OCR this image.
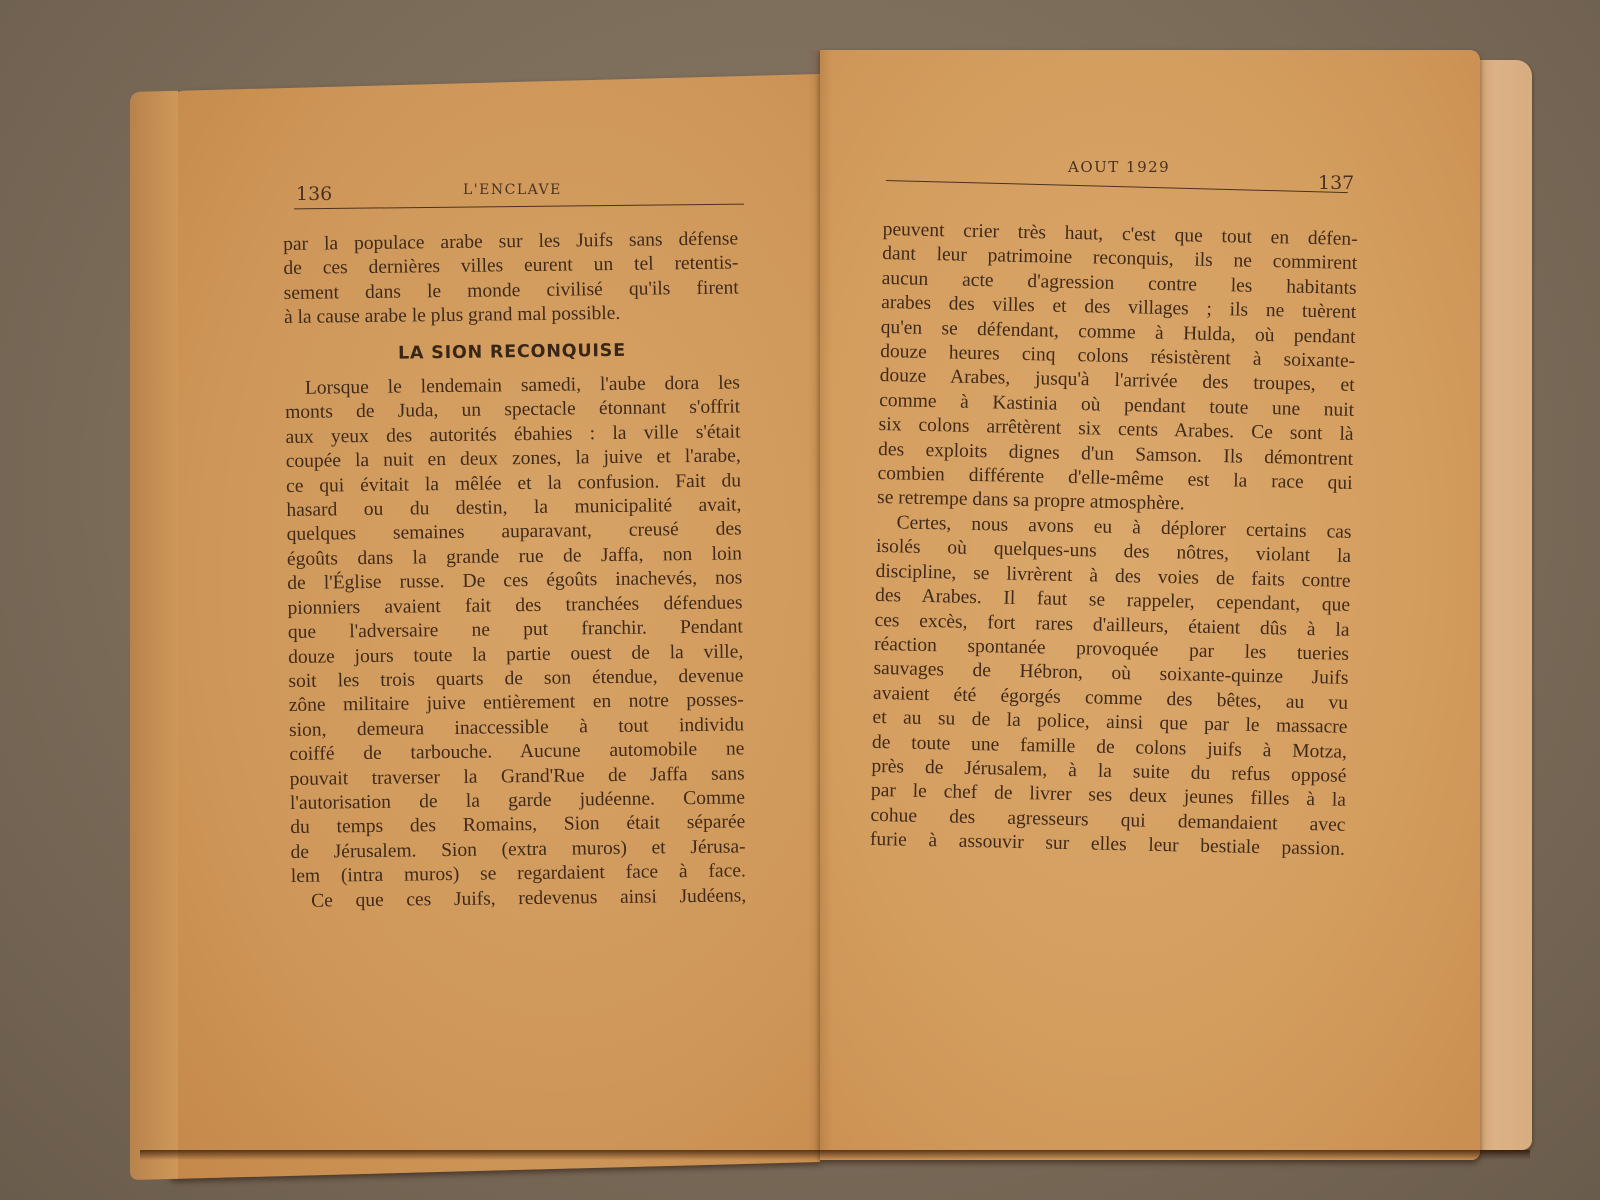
136	L'ENCLAVE

par la populace arabe sur les Juifs sans défense
de ces dernières villes eurent un tel retentis-
sement dans le monde civilisé qu'ils firent
à la cause arabe le plus grand mal possible.

LA SION RECONQUISE

Lorsque le lendemain samedi, l'aube dora les
monts de Juda, un spectacle étonnant s'offrit
aux yeux des autorités ébahies : la ville s'était
coupée la nuit en deux zones, la juive et l'arabe,
ce qui évitait la mêlée et la confusion. Fait du
hasard ou du destin, la municipalité avait,
quelques semaines auparavant, creusé des
égoûts dans la grande rue de Jaffa, non loin
de l'Église russe. De ces égoûts inachevés, nos
pionniers avaient fait des tranchées défendues
que l'adversaire ne put franchir. Pendant
douze jours toute la partie ouest de la ville,
soit les trois quarts de son étendue, devenue
zône militaire juive entièrement en notre posses-
sion, demeura inaccessible à tout individu
coiffé de tarbouche. Aucune automobile ne
pouvait traverser la Grand'Rue de Jaffa sans
l'autorisation de la garde judéenne. Comme
du temps des Romains, Sion était séparée
de Jérusalem. Sion (extra muros) et Jérusa-
lem (intra muros) se regardaient face à face.

Ce que ces Juifs, redevenus ainsi Judéens,

AOUT 1929
137

peuvent crier très haut, c'est que tout en défen-
dant leur patrimoine reconquis, ils ne commirent
aucun acte d'agression contre les habitants
arabes des villes et des villages ; ils ne tuèrent
qu'en se défendant, comme à Hulda, où pendant
douze heures cinq colons résistèrent à soixante-
douze Arabes, jusqu'à l'arrivée des troupes, et
comme à Kastinia où pendant toute une nuit
six colons arrêtèrent six cents Arabes. Ce sont là
des exploits dignes d'un Samson. Ils démontrent
combien différente d'elle-même est la race qui
se retrempe dans sa propre atmosphère.

Certes, nous avons eu à déplorer certains cas
isolés où quelques-uns des nôtres, violant la
discipline, se livrèrent à des voies de faits contre
des Arabes. Il faut se rappeler, cependant, que
ces excès, fort rares d'ailleurs, étaient dûs à la
réaction spontanée provoquée par les tueries
sauvages de Hébron, où soixante-quinze Juifs
avaient été égorgés comme des bêtes, au vu
et au su de la police, ainsi que par le massacre
de toute une famille de colons juifs à Motza,
près de Jérusalem, à la suite du refus opposé
par le chef de livrer ses deux jeunes filles à la
cohue des agresseurs qui demandaient avec
furie à assouvir sur elles leur bestiale passion.
